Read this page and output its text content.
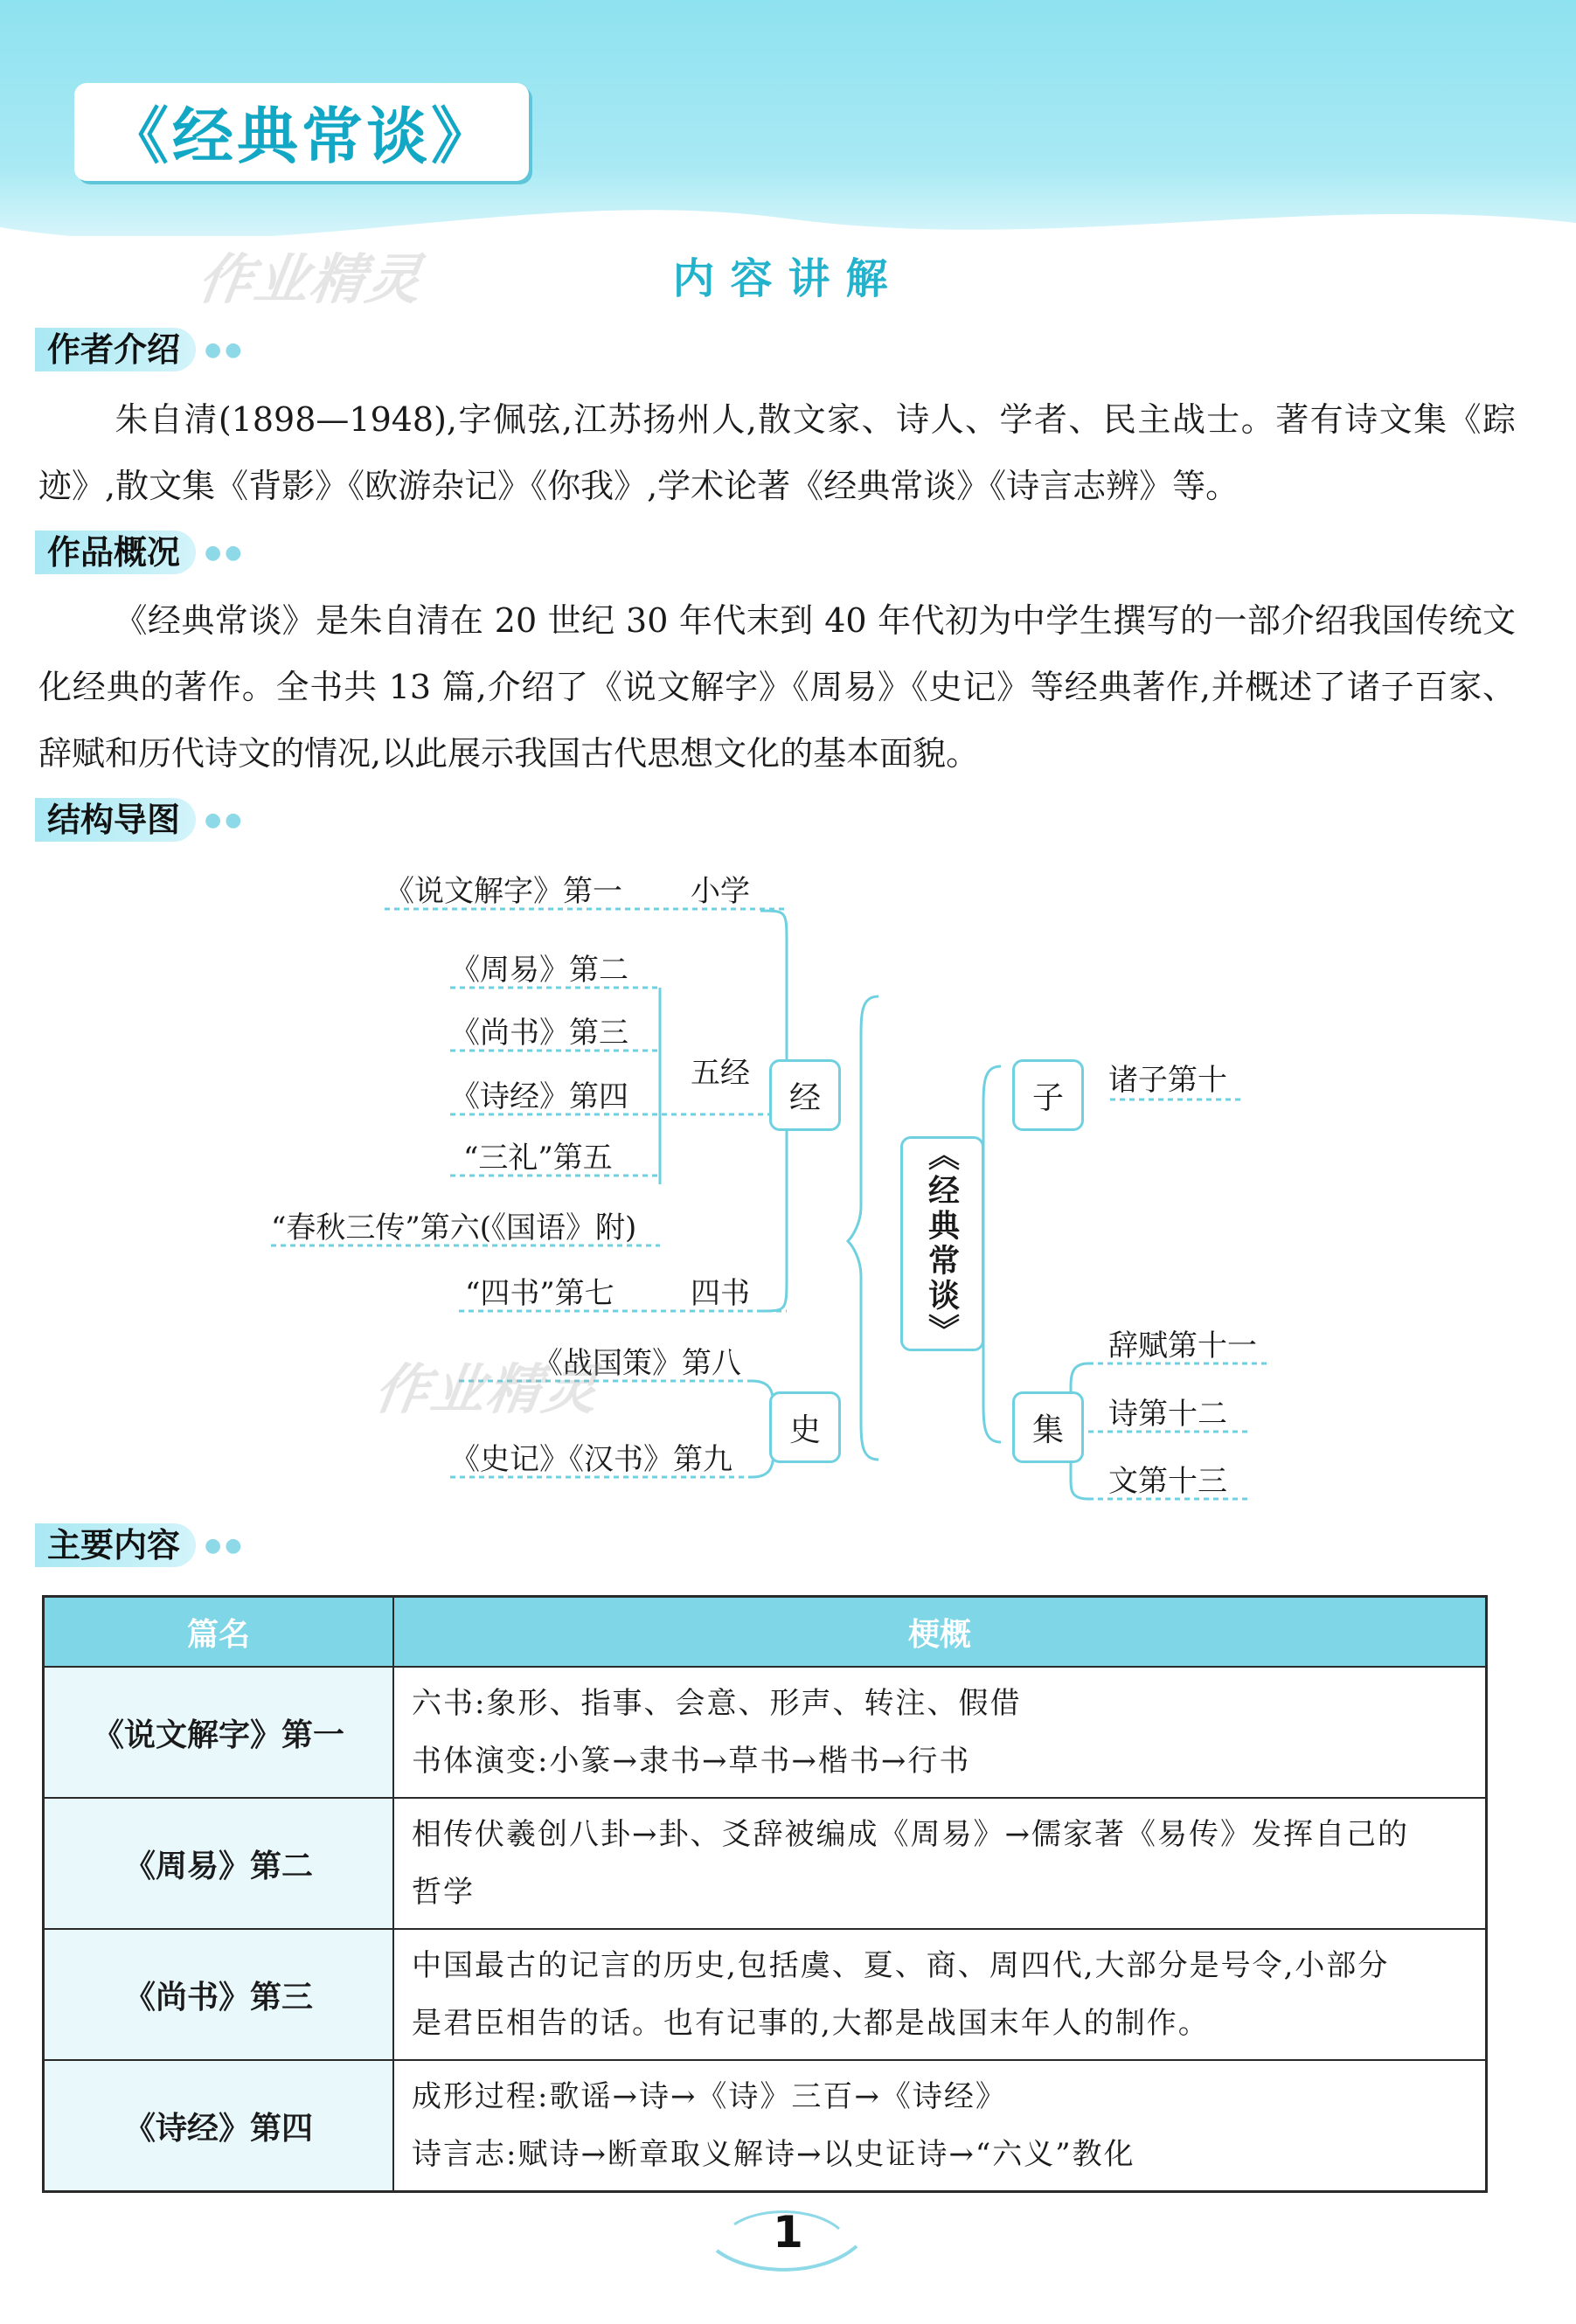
《经典常谈》
作业精灵	内容讲解
作者介绍	●●
朱自清(1898—1948),字佩弦,江苏扬州人,散文家、诗人、学者、民主战士。著有诗文集《踪迹》,散文集《背影》《欧游杂记》《你我》,学术论著《经典常谈》《诗言志辨》等。
作品概况	●●
《经典常谈》是朱自清在 20 世纪 30 年代末到 40 年代初为中学生撰写的一部介绍我国传统文化经典的著作。全书共 13 篇,介绍了《说文解字》《周易》《史记》等经典著作,并概述了诸子百家、辞赋和历代诗文的情况,以此展示我国古代思想文化的基本面貌。
结构导图	●●
《说文解字》第一 小学
《周易》第二
《尚书》第三
《诗经》第四
五经
“三礼”第五
“春秋三传”第六(《国语》附)
“四书”第七	四书
《战国策》第八
《史记》《汉书》第九
经
史
《经典常谈》
子
集
诸子第十
辞赋第十一
诗第十二
文第十三
作业精灵
主要内容	●●
篇名	梗概
《说文解字》第一	六书:象形、指事、会意、形声、转注、假借
书体演变:小篆→隶书→草书→楷书→行书

《周易》第二	相传伏羲创八卦→卦、爻辞被编成《周易》→儒家著《易传》发挥自己的
哲学

《尚书》第三	中国最古的记言的历史,包括虞、夏、商、周四代,大部分是号令,小部分
是君臣相告的话。也有记事的,大都是战国末年人的制作。

《诗经》第四	成形过程:歌谣→诗→《诗》三百→《诗经》
诗言志:赋诗→断章取义解诗→以史证诗→“六义”教化
1
